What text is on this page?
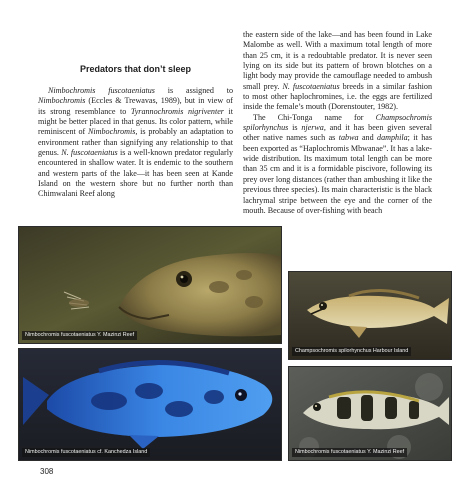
Predators that don’t sleep

Nimbochromis fuscotaeniatus is assigned to Nimbochromis (Eccles & Trewavas, 1989), but in view of its strong resemblance to Tyrannochromis nigriventer it might be better placed in that genus. Its color pattern, while reminiscent of Nimbochromis, is probably an adaptation to environment rather than signifying any relationship to that genus. N. fuscotaeniatus is a well-known predator regularly encountered in shallow water. It is endemic to the southern and western parts of the lake—it has been seen at Kande Island on the western shore but no further north than Chimwalani Reef along

the eastern side of the lake—and has been found in Lake Malombe as well. With a maximum total length of more than 25 cm, it is a redoubtable predator. It is never seen lying on its side but its pattern of brown blotches on a light body may provide the camouflage needed to ambush small prey. N. fuscotaeniatus breeds in a similar fashion to most other haplochromines, i.e. the eggs are fertilized inside the female’s mouth (Dorenstouter, 1982).

The Chi-Tonga name for Champsochromis spilorhynchus is njerwa, and it has been given several other native names such as tabwa and damphila; it has been exported as “Haplochromis Mbwanae”. It has a lake-wide distribution. Its maximum total length can be more than 35 cm and it is a formidable piscivore, following its prey over long distances (rather than ambushing it like the previous three species). Its main characteristic is the black lachrymal stripe between the eye and the corner of the mouth. Because of over-fishing with beach

Nimbochromis fuscotaeniatus Y. Mazinzi Reef
Champsochromis spilorhynchus Harbour Island
Nimbochromis fuscotaeniatus cf. Kanchedza Island	Nimbochromis fuscotaeniatus Y. Mazinzi Reef
308
